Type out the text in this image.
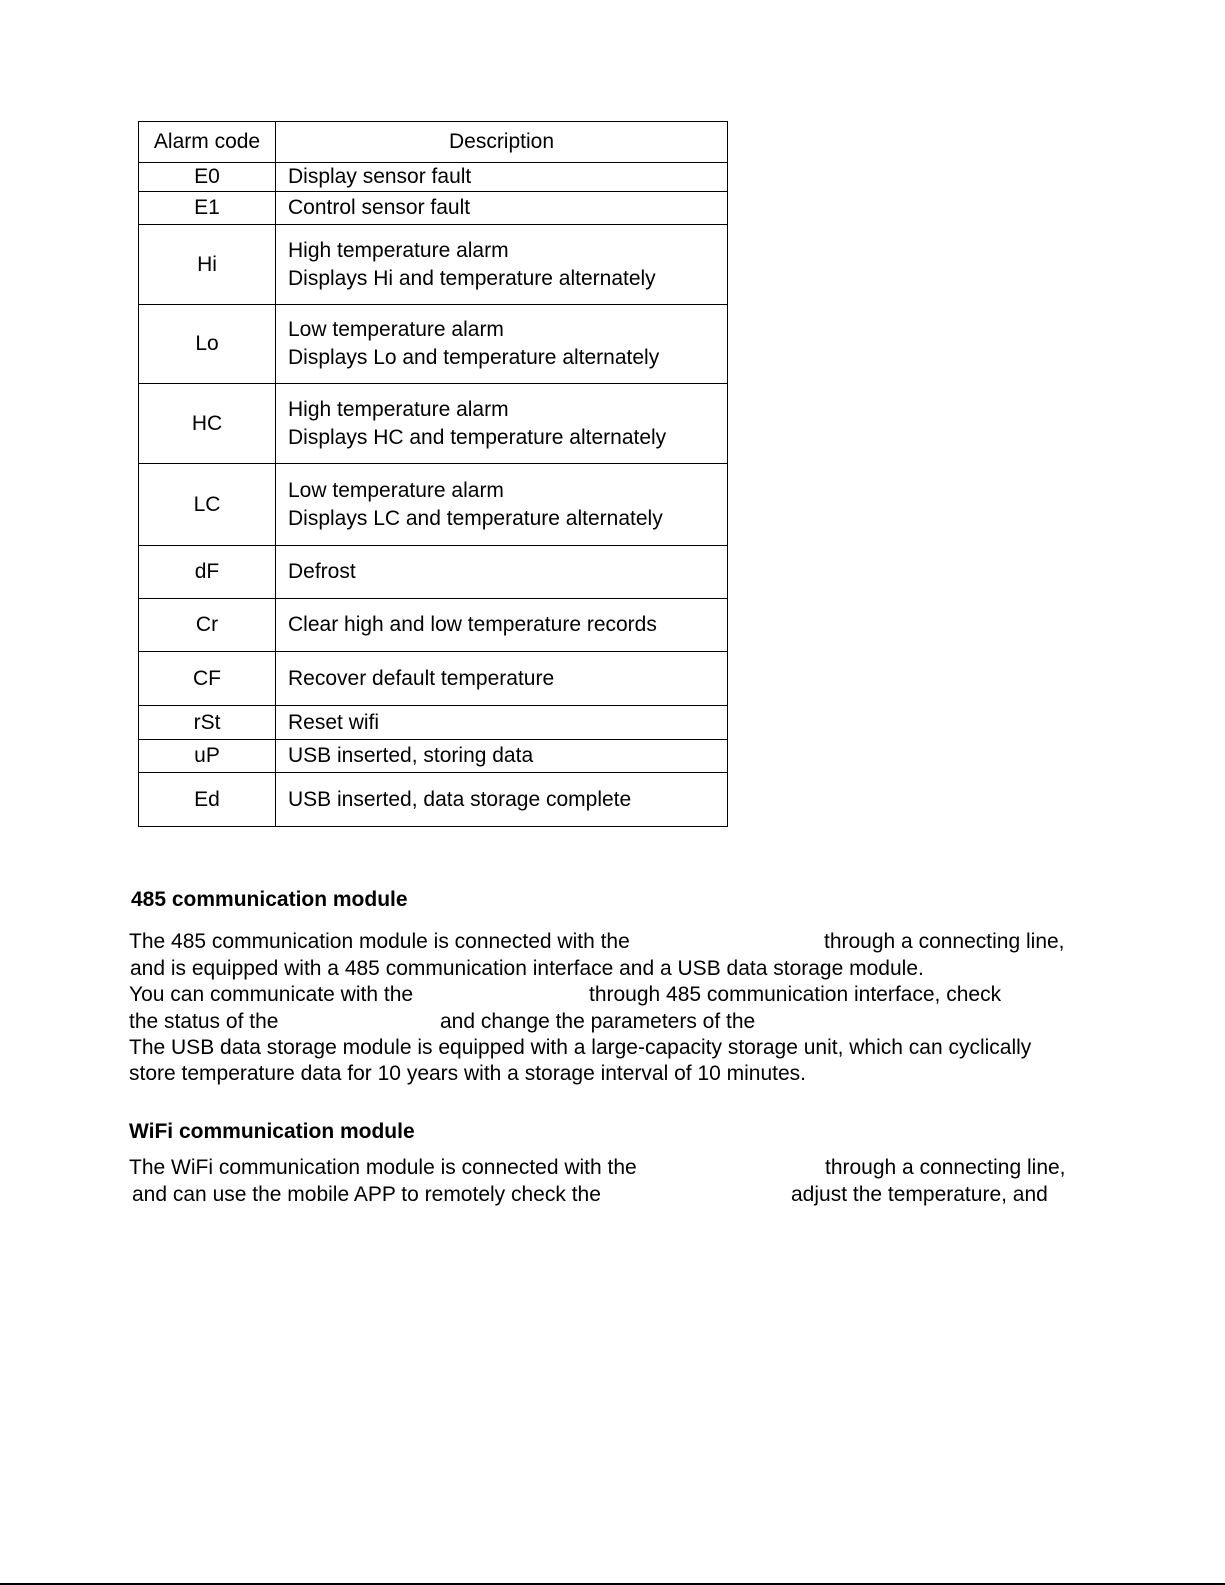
Alarm code	Description
E0	Display sensor fault

E1	Control sensor fault

Hi	High temperature alarm
Displays Hi and temperature alternately

Lo	Low temperature alarm
Displays Lo and temperature alternately

HC	High temperature alarm
Displays HC and temperature alternately

LC	Low temperature alarm
Displays LC and temperature alternately

dF	Defrost

Cr	Clear high and low temperature records

CF	Recover default temperature

rSt	Reset wifi

uP	USB inserted, storing data

Ed	USB inserted, data storage complete
485 communication module
The 485 communication module is connected with the	through a connecting line,
and is equipped with a 485 communication interface and a USB data storage module.
You can communicate with the	through 485 communication interface, check
the status of the	and change the parameters of the
The USB data storage module is equipped with a large-capacity storage unit, which can cyclically
store temperature data for 10 years with a storage interval of 10 minutes.
WiFi communication module
The WiFi communication module is connected with the	through a connecting line,
and can use the mobile APP to remotely check the	adjust the temperature, and
